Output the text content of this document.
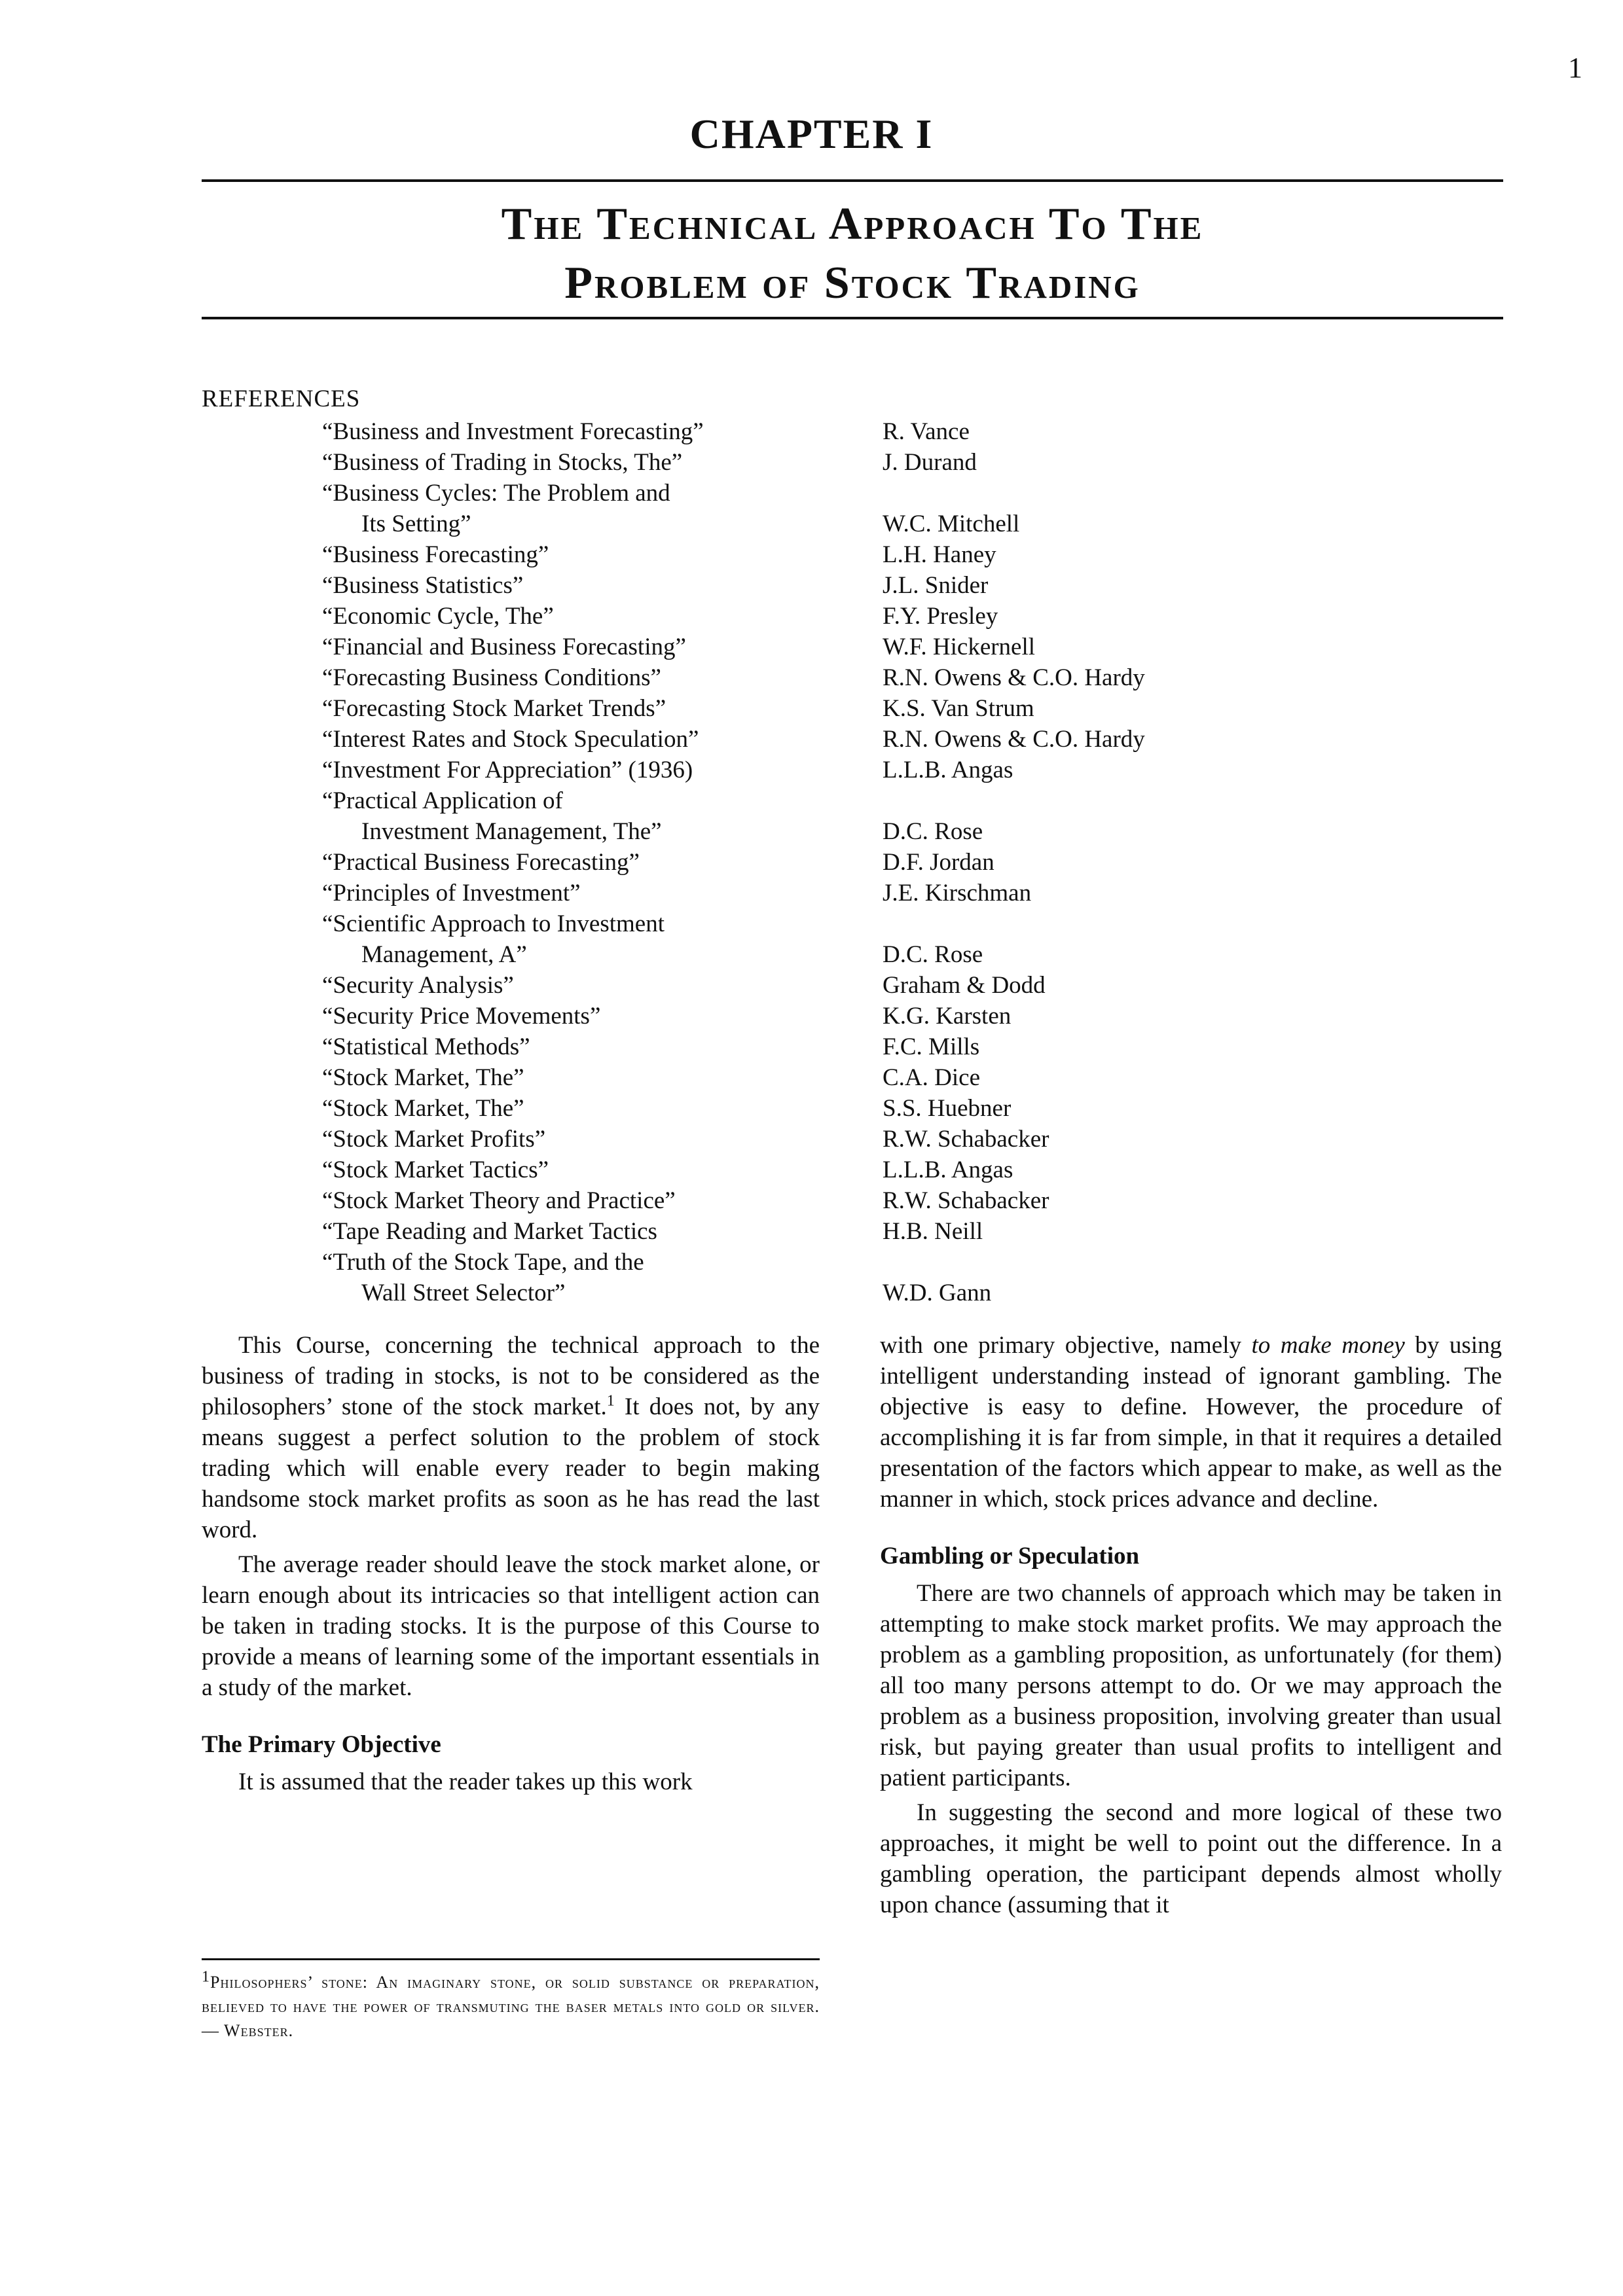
1
CHAPTER I
The Technical Approach To The
Problem of Stock Trading
REFERENCES
“Business and Investment Forecasting”	R. Vance
“Business of Trading in Stocks, The”	J. Durand
“Business Cycles: The Problem and
Its Setting”	W.C. Mitchell
“Business Forecasting”	L.H. Haney
“Business Statistics”	J.L. Snider
“Economic Cycle, The”	F.Y. Presley
“Financial and Business Forecasting”	W.F. Hickernell
“Forecasting Business Conditions”	R.N. Owens & C.O. Hardy
“Forecasting Stock Market Trends”	K.S. Van Strum
“Interest Rates and Stock Speculation”	R.N. Owens & C.O. Hardy
“Investment For Appreciation” (1936)	L.L.B. Angas
“Practical Application of
Investment Management, The”	D.C. Rose
“Practical Business Forecasting”	D.F. Jordan
“Principles of Investment”	J.E. Kirschman
“Scientific Approach to Investment
Management, A”	D.C. Rose
“Security Analysis”	Graham & Dodd
“Security Price Movements”	K.G. Karsten
“Statistical Methods”	F.C. Mills
“Stock Market, The”	C.A. Dice
“Stock Market, The”	S.S. Huebner
“Stock Market Profits”	R.W. Schabacker
“Stock Market Tactics”	L.L.B. Angas
“Stock Market Theory and Practice”	R.W. Schabacker
“Tape Reading and Market Tactics	H.B. Neill
“Truth of the Stock Tape, and the
Wall Street Selector”	W.D. Gann

This Course, concerning the technical approach to the business of trading in stocks, is not to be considered as the philosophers’ stone of the stock market.$^1$ It does not, by any means suggest a perfect solution to the problem of stock trading which will enable every reader to begin making handsome stock market profits as soon as he has read the last word.

The average reader should leave the stock market alone, or learn enough about its intricacies so that intelligent action can be taken in trading stocks. It is the purpose of this Course to provide a means of learning some of the important essentials in a study of the market.

The Primary Objective

It is assumed that the reader takes up this work

with one primary objective, namely to make money by using intelligent understanding instead of ignorant gambling. The objective is easy to define. However, the procedure of accomplishing it is far from simple, in that it requires a detailed presentation of the factors which appear to make, as well as the manner in which, stock prices advance and decline.

Gambling or Speculation

There are two channels of approach which may be taken in attempting to make stock market profits. We may approach the problem as a gambling proposition, as unfortunately (for them) all too many persons attempt to do. Or we may approach the problem as a business proposition, involving greater than usual risk, but paying greater than usual profits to intelligent and patient participants.

In suggesting the second and more logical of these two approaches, it might be well to point out the difference. In a gambling operation, the participant depends almost wholly upon chance (assuming that it

1Philosophers’ stone: An imaginary stone, or solid substance or preparation, believed to have the power of transmuting the baser metals into gold or silver. — Webster.
